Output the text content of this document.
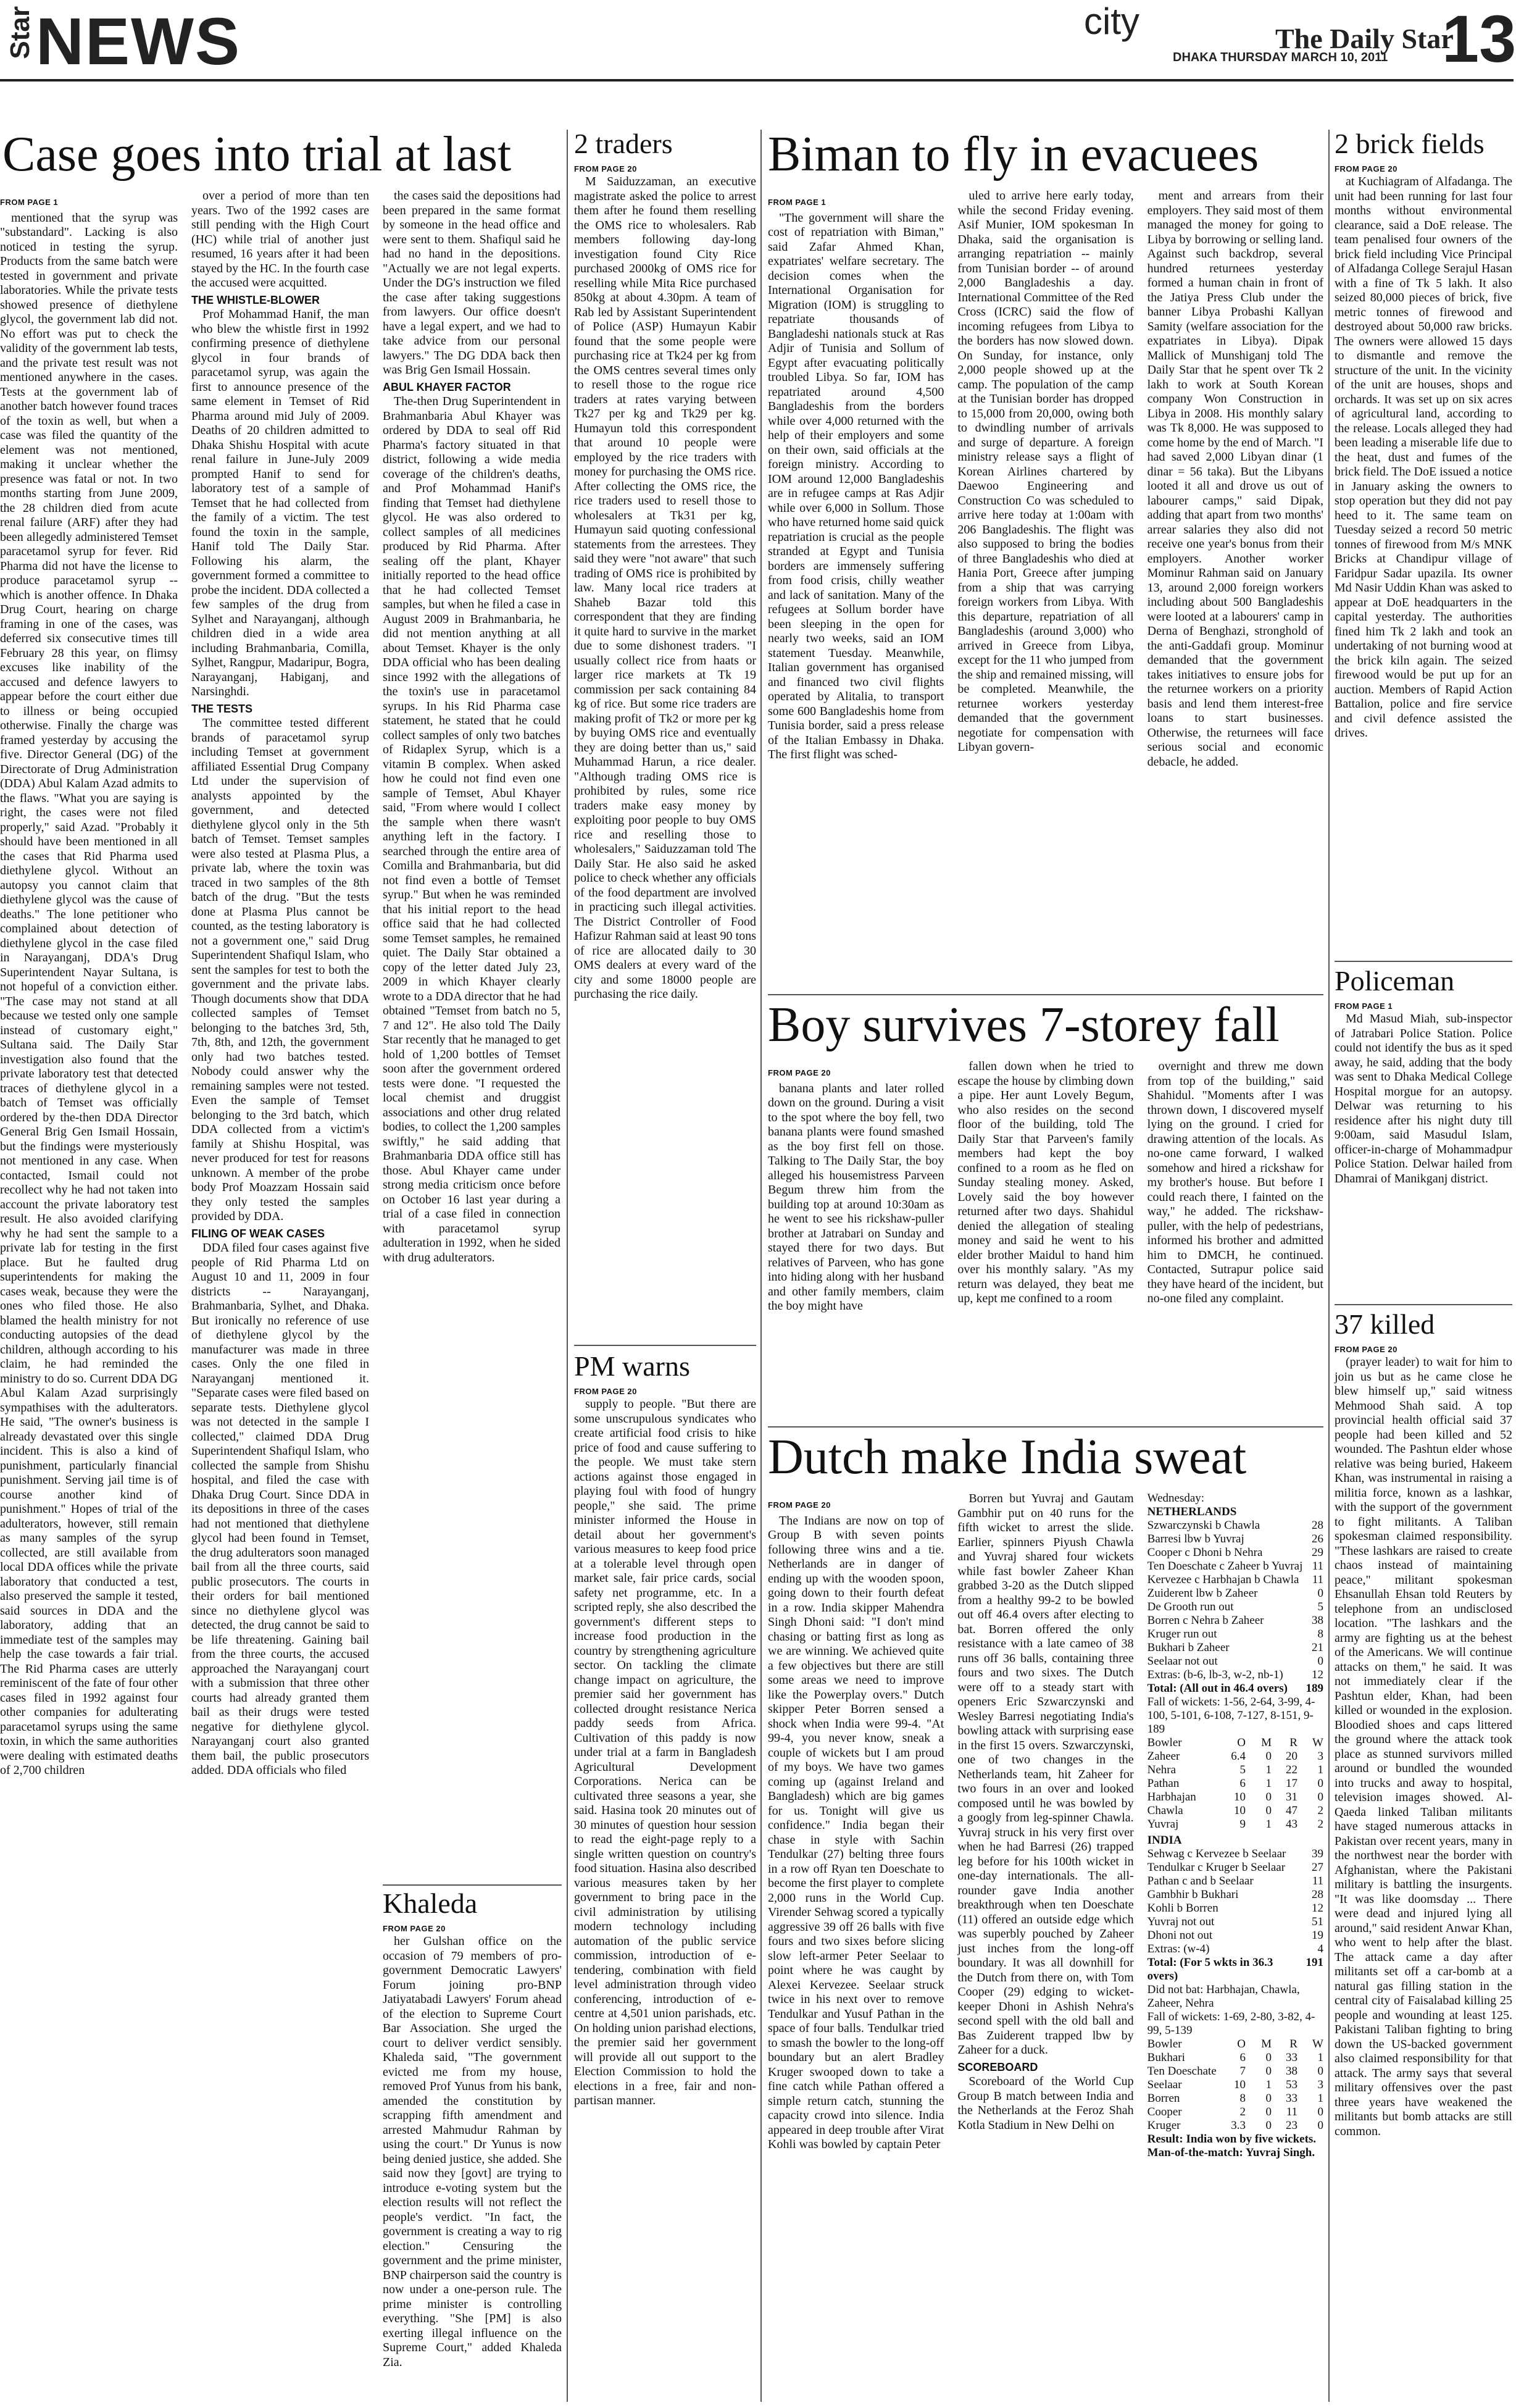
Star NEWS	city	The Daily Star
DHAKA THURSDAY MARCH 10, 2011 13
Case goes into trial at last
FROM PAGE 1

mentioned that the syrup was "substandard". Lacking is also noticed in testing the syrup. Products from the same batch were tested in government and private laboratories. While the private tests showed presence of diethylene glycol, the government lab did not. No effort was put to check the validity of the government lab tests, and the private test result was not mentioned anywhere in the cases. Tests at the government lab of another batch however found traces of the toxin as well, but when a case was filed the quantity of the element was not mentioned, making it unclear whether the presence was fatal or not. In two months starting from June 2009, the 28 children died from acute renal failure (ARF) after they had been allegedly administered Temset paracetamol syrup for fever. Rid Pharma did not have the license to produce paracetamol syrup -- which is another offence. In Dhaka Drug Court, hearing on charge framing in one of the cases, was deferred six consecutive times till February 28 this year, on flimsy excuses like inability of the accused and defence lawyers to appear before the court either due to illness or being occupied otherwise. Finally the charge was framed yesterday by accusing the five. Director General (DG) of the Directorate of Drug Administration (DDA) Abul Kalam Azad admits to the flaws. "What you are saying is right, the cases were not filed properly," said Azad. "Probably it should have been mentioned in all the cases that Rid Pharma used diethylene glycol. Without an autopsy you cannot claim that diethylene glycol was the cause of deaths." The lone petitioner who complained about detection of diethylene glycol in the case filed in Narayanganj, DDA's Drug Superintendent Nayar Sultana, is not hopeful of a conviction either. "The case may not stand at all because we tested only one sample instead of customary eight," Sultana said. The Daily Star investigation also found that the private laboratory test that detected traces of diethylene glycol in a batch of Temset was officially ordered by the-then DDA Director General Brig Gen Ismail Hossain, but the findings were mysteriously not mentioned in any case. When contacted, Ismail could not recollect why he had not taken into account the private laboratory test result. He also avoided clarifying why he had sent the sample to a private lab for testing in the first place. But he faulted drug superintendents for making the cases weak, because they were the ones who filed those. He also blamed the health ministry for not conducting autopsies of the dead children, although according to his claim, he had reminded the ministry to do so. Current DDA DG Abul Kalam Azad surprisingly sympathises with the adulterators. He said, "The owner's business is already devastated over this single incident. This is also a kind of punishment, particularly financial punishment. Serving jail time is of course another kind of punishment." Hopes of trial of the adulterators, however, still remain as many samples of the syrup collected, are still available from local DDA offices while the private laboratory that conducted a test, also preserved the sample it tested, said sources in DDA and the laboratory, adding that an immediate test of the samples may help the case towards a fair trial. The Rid Pharma cases are utterly reminiscent of the fate of four other cases filed in 1992 against four other companies for adulterating paracetamol syrups using the same toxin, in which the same authorities were dealing with estimated deaths of 2,700 children

over a period of more than ten years. Two of the 1992 cases are still pending with the High Court (HC) while trial of another just resumed, 16 years after it had been stayed by the HC. In the fourth case the accused were acquitted.

THE WHISTLE-BLOWER

Prof Mohammad Hanif, the man who blew the whistle first in 1992 confirming presence of diethylene glycol in four brands of paracetamol syrup, was again the first to announce presence of the same element in Temset of Rid Pharma around mid July of 2009. Deaths of 20 children admitted to Dhaka Shishu Hospital with acute renal failure in June-July 2009 prompted Hanif to send for laboratory test of a sample of Temset that he had collected from the family of a victim. The test found the toxin in the sample, Hanif told The Daily Star. Following his alarm, the government formed a committee to probe the incident. DDA collected a few samples of the drug from Sylhet and Narayanganj, although children died in a wide area including Brahmanbaria, Comilla, Sylhet, Rangpur, Madaripur, Bogra, Narayanganj, Habiganj, and Narsinghdi.

THE TESTS

The committee tested different brands of paracetamol syrup including Temset at government affiliated Essential Drug Company Ltd under the supervision of analysts appointed by the government, and detected diethylene glycol only in the 5th batch of Temset. Temset samples were also tested at Plasma Plus, a private lab, where the toxin was traced in two samples of the 8th batch of the drug. "But the tests done at Plasma Plus cannot be counted, as the testing laboratory is not a government one," said Drug Superintendent Shafiqul Islam, who sent the samples for test to both the government and the private labs. Though documents show that DDA collected samples of Temset belonging to the batches 3rd, 5th, 7th, 8th, and 12th, the government only had two batches tested. Nobody could answer why the remaining samples were not tested. Even the sample of Temset belonging to the 3rd batch, which DDA collected from a victim's family at Shishu Hospital, was never produced for test for reasons unknown. A member of the probe body Prof Moazzam Hossain said they only tested the samples provided by DDA.

FILING OF WEAK CASES

DDA filed four cases against five people of Rid Pharma Ltd on August 10 and 11, 2009 in four districts -- Narayanganj, Brahmanbaria, Sylhet, and Dhaka. But ironically no reference of use of diethylene glycol by the manufacturer was made in three cases. Only the one filed in Narayanganj mentioned it. "Separate cases were filed based on separate tests. Diethylene glycol was not detected in the sample I collected," claimed DDA Drug Superintendent Shafiqul Islam, who collected the sample from Shishu hospital, and filed the case with Dhaka Drug Court. Since DDA in its depositions in three of the cases had not mentioned that diethylene glycol had been found in Temset, the drug adulterators soon managed bail from all the three courts, said public prosecutors. The courts in their orders for bail mentioned since no diethylene glycol was detected, the drug cannot be said to be life threatening. Gaining bail from the three courts, the accused approached the Narayanganj court with a submission that three other courts had already granted them bail as their drugs were tested negative for diethylene glycol. Narayanganj court also granted them bail, the public prosecutors added. DDA officials who filed

the cases said the depositions had been prepared in the same format by someone in the head office and were sent to them. Shafiqul said he had no hand in the depositions. "Actually we are not legal experts. Under the DG's instruction we filed the case after taking suggestions from lawyers. Our office doesn't have a legal expert, and we had to take advice from our personal lawyers." The DG DDA back then was Brig Gen Ismail Hossain.

ABUL KHAYER FACTOR

The-then Drug Superintendent in Brahmanbaria Abul Khayer was ordered by DDA to seal off Rid Pharma's factory situated in that district, following a wide media coverage of the children's deaths, and Prof Mohammad Hanif's finding that Temset had diethylene glycol. He was also ordered to collect samples of all medicines produced by Rid Pharma. After sealing off the plant, Khayer initially reported to the head office that he had collected Temset samples, but when he filed a case in August 2009 in Brahmanbaria, he did not mention anything at all about Temset. Khayer is the only DDA official who has been dealing since 1992 with the allegations of the toxin's use in paracetamol syrups. In his Rid Pharma case statement, he stated that he could collect samples of only two batches of Ridaplex Syrup, which is a vitamin B complex. When asked how he could not find even one sample of Temset, Abul Khayer said, "From where would I collect the sample when there wasn't anything left in the factory. I searched through the entire area of Comilla and Brahmanbaria, but did not find even a bottle of Temset syrup." But when he was reminded that his initial report to the head office said that he had collected some Temset samples, he remained quiet. The Daily Star obtained a copy of the letter dated July 23, 2009 in which Khayer clearly wrote to a DDA director that he had obtained "Temset from batch no 5, 7 and 12". He also told The Daily Star recently that he managed to get hold of 1,200 bottles of Temset soon after the government ordered tests were done. "I requested the local chemist and druggist associations and other drug related bodies, to collect the 1,200 samples swiftly," he said adding that Brahmanbaria DDA office still has those. Abul Khayer came under strong media criticism once before on October 16 last year during a trial of a case filed in connection with paracetamol syrup adulteration in 1992, when he sided with drug adulterators.

2 traders
FROM PAGE 20

M Saiduzzaman, an executive magistrate asked the police to arrest them after he found them reselling the OMS rice to wholesalers. Rab members following day-long investigation found City Rice purchased 2000kg of OMS rice for reselling while Mita Rice purchased 850kg at about 4.30pm. A team of Rab led by Assistant Superintendent of Police (ASP) Humayun Kabir found that the some people were purchasing rice at Tk24 per kg from the OMS centres several times only to resell those to the rogue rice traders at rates varying between Tk27 per kg and Tk29 per kg. Humayun told this correspondent that around 10 people were employed by the rice traders with money for purchasing the OMS rice. After collecting the OMS rice, the rice traders used to resell those to wholesalers at Tk31 per kg, Humayun said quoting confessional statements from the arrestees. They said they were "not aware" that such trading of OMS rice is prohibited by law. Many local rice traders at Shaheb Bazar told this correspondent that they are finding it quite hard to survive in the market due to some dishonest traders. "I usually collect rice from haats or larger rice markets at Tk 19 commission per sack containing 84 kg of rice. But some rice traders are making profit of Tk2 or more per kg by buying OMS rice and eventually they are doing better than us," said Muhammad Harun, a rice dealer. "Although trading OMS rice is prohibited by rules, some rice traders make easy money by exploiting poor people to buy OMS rice and reselling those to wholesalers," Saiduzzaman told The Daily Star. He also said he asked police to check whether any officials of the food department are involved in practicing such illegal activities. The District Controller of Food Hafizur Rahman said at least 90 tons of rice are allocated daily to 30 OMS dealers at every ward of the city and some 18000 people are purchasing the rice daily.

PM warns
FROM PAGE 20

supply to people. "But there are some unscrupulous syndicates who create artificial food crisis to hike price of food and cause suffering to the people. We must take stern actions against those engaged in playing foul with food of hungry people," she said. The prime minister informed the House in detail about her government's various measures to keep food price at a tolerable level through open market sale, fair price cards, social safety net programme, etc. In a scripted reply, she also described the government's different steps to increase food production in the country by strengthening agriculture sector. On tackling the climate change impact on agriculture, the premier said her government has collected drought resistance Nerica paddy seeds from Africa. Cultivation of this paddy is now under trial at a farm in Bangladesh Agricultural Development Corporations. Nerica can be cultivated three seasons a year, she said. Hasina took 20 minutes out of 30 minutes of question hour session to read the eight-page reply to a single written question on country's food situation. Hasina also described various measures taken by her government to bring pace in the civil administration by utilising modern technology including automation of the public service commission, introduction of e-tendering, combination with field level administration through video conferencing, introduction of e-centre at 4,501 union parishads, etc. On holding union parishad elections, the premier said her government will provide all out support to the Election Commission to hold the elections in a free, fair and non-partisan manner.

Biman to fly in evacuees
FROM PAGE 1

"The government will share the cost of repatriation with Biman," said Zafar Ahmed Khan, expatriates' welfare secretary. The decision comes when the International Organisation for Migration (IOM) is struggling to repatriate thousands of Bangladeshi nationals stuck at Ras Adjir of Tunisia and Sollum of Egypt after evacuating politically troubled Libya. So far, IOM has repatriated around 4,500 Bangladeshis from the borders while over 4,000 returned with the help of their employers and some on their own, said officials at the foreign ministry. According to IOM around 12,000 Bangladeshis are in refugee camps at Ras Adjir while over 6,000 in Sollum. Those who have returned home said quick repatriation is crucial as the people stranded at Egypt and Tunisia borders are immensely suffering from food crisis, chilly weather and lack of sanitation. Many of the refugees at Sollum border have been sleeping in the open for nearly two weeks, said an IOM statement Tuesday. Meanwhile, Italian government has organised and financed two civil flights operated by Alitalia, to transport some 600 Bangladeshis home from Tunisia border, said a press release of the Italian Embassy in Dhaka. The first flight was sched-

uled to arrive here early today, while the second Friday evening. Asif Munier, IOM spokesman In Dhaka, said the organisation is arranging repatriation -- mainly from Tunisian border -- of around 2,000 Bangladeshis a day. International Committee of the Red Cross (ICRC) said the flow of incoming refugees from Libya to the borders has now slowed down. On Sunday, for instance, only 2,000 people showed up at the camp. The population of the camp at the Tunisian border has dropped to 15,000 from 20,000, owing both to dwindling number of arrivals and surge of departure. A foreign ministry release says a flight of Korean Airlines chartered by Daewoo Engineering and Construction Co was scheduled to arrive here today at 1:00am with 206 Bangladeshis. The flight was also supposed to bring the bodies of three Bangladeshis who died at Hania Port, Greece after jumping from a ship that was carrying foreign workers from Libya. With this departure, repatriation of all Bangladeshis (around 3,000) who arrived in Greece from Libya, except for the 11 who jumped from the ship and remained missing, will be completed. Meanwhile, the returnee workers yesterday demanded that the government negotiate for compensation with Libyan govern-

ment and arrears from their employers. They said most of them managed the money for going to Libya by borrowing or selling land. Against such backdrop, several hundred returnees yesterday formed a human chain in front of the Jatiya Press Club under the banner Libya Probashi Kallyan Samity (welfare association for the expatriates in Libya). Dipak Mallick of Munshiganj told The Daily Star that he spent over Tk 2 lakh to work at South Korean company Won Construction in Libya in 2008. His monthly salary was Tk 8,000. He was supposed to come home by the end of March. "I had saved 2,000 Libyan dinar (1 dinar = 56 taka). But the Libyans looted it all and drove us out of labourer camps," said Dipak, adding that apart from two months' arrear salaries they also did not receive one year's bonus from their employers. Another worker Mominur Rahman said on January 13, around 2,000 foreign workers including about 500 Bangladeshis were looted at a labourers' camp in Derna of Benghazi, stronghold of the anti-Gaddafi group. Mominur demanded that the government takes initiatives to ensure jobs for the returnee workers on a priority basis and lend them interest-free loans to start businesses. Otherwise, the returnees will face serious social and economic debacle, he added.

Boy survives 7-storey fall
FROM PAGE 20

banana plants and later rolled down on the ground. During a visit to the spot where the boy fell, two banana plants were found smashed as the boy first fell on those. Talking to The Daily Star, the boy alleged his housemistress Parveen Begum threw him from the building top at around 10:30am as he went to see his rickshaw-puller brother at Jatrabari on Sunday and stayed there for two days. But relatives of Parveen, who has gone into hiding along with her husband and other family members, claim the boy might have

fallen down when he tried to escape the house by climbing down a pipe. Her aunt Lovely Begum, who also resides on the second floor of the building, told The Daily Star that Parveen's family members had kept the boy confined to a room as he fled on Sunday stealing money. Asked, Lovely said the boy however returned after two days. Shahidul denied the allegation of stealing money and said he went to his elder brother Maidul to hand him over his monthly salary. "As my return was delayed, they beat me up, kept me confined to a room

overnight and threw me down from top of the building," said Shahidul. "Moments after I was thrown down, I discovered myself lying on the ground. I cried for drawing attention of the locals. As no-one came forward, I walked somehow and hired a rickshaw for my brother's house. But before I could reach there, I fainted on the way," he added. The rickshaw-puller, with the help of pedestrians, informed his brother and admitted him to DMCH, he continued. Contacted, Sutrapur police said they have heard of the incident, but no-one filed any complaint.

Dutch make India sweat
FROM PAGE 20

The Indians are now on top of Group B with seven points following three wins and a tie. Netherlands are in danger of ending up with the wooden spoon, going down to their fourth defeat in a row. India skipper Mahendra Singh Dhoni said: "I don't mind chasing or batting first as long as we are winning. We achieved quite a few objectives but there are still some areas we need to improve like the Powerplay overs." Dutch skipper Peter Borren sensed a shock when India were 99-4. "At 99-4, you never know, sneak a couple of wickets but I am proud of my boys. We have two games coming up (against Ireland and Bangladesh) which are big games for us. Tonight will give us confidence." India began their chase in style with Sachin Tendulkar (27) belting three fours in a row off Ryan ten Doeschate to become the first player to complete 2,000 runs in the World Cup. Virender Sehwag scored a typically aggressive 39 off 26 balls with five fours and two sixes before slicing slow left-armer Peter Seelaar to point where he was caught by Alexei Kervezee. Seelaar struck twice in his next over to remove Tendulkar and Yusuf Pathan in the space of four balls. Tendulkar tried to smash the bowler to the long-off boundary but an alert Bradley Kruger swooped down to take a fine catch while Pathan offered a simple return catch, stunning the capacity crowd into silence. India appeared in deep trouble after Virat Kohli was bowled by captain Peter

Borren but Yuvraj and Gautam Gambhir put on 40 runs for the fifth wicket to arrest the slide. Earlier, spinners Piyush Chawla and Yuvraj shared four wickets while fast bowler Zaheer Khan grabbed 3-20 as the Dutch slipped from a healthy 99-2 to be bowled out off 46.4 overs after electing to bat. Borren offered the only resistance with a late cameo of 38 runs off 36 balls, containing three fours and two sixes. The Dutch were off to a steady start with openers Eric Szwarczynski and Wesley Barresi negotiating India's bowling attack with surprising ease in the first 15 overs. Szwarczynski, one of two changes in the Netherlands team, hit Zaheer for two fours in an over and looked composed until he was bowled by a googly from leg-spinner Chawla. Yuvraj struck in his very first over when he had Barresi (26) trapped leg before for his 100th wicket in one-day internationals. The all-rounder gave India another breakthrough when ten Doeschate (11) offered an outside edge which was superbly pouched by Zaheer just inches from the long-off boundary. It was all downhill for the Dutch from there on, with Tom Cooper (29) edging to wicket-keeper Dhoni in Ashish Nehra's second spell with the old ball and Bas Zuiderent trapped lbw by Zaheer for a duck.

SCOREBOARD

Scoreboard of the World Cup Group B match between India and the Netherlands at the Feroz Shah Kotla Stadium in New Delhi on

Wednesday:
NETHERLANDS
Szwarczynski b Chawla	28
Barresi lbw b Yuvraj	26
Cooper c Dhoni b Nehra	29
Ten Doeschate c Zaheer b Yuvraj 11
Kervezee c Harbhajan b Chawla 11
Zuiderent lbw b Zaheer	0
De Grooth run out	5
Borren c Nehra b Zaheer	38
Kruger run out	8
Bukhari b Zaheer	21
Seelaar not out	0
Extras: (b-6, lb-3, w-2, nb-1) 12
Total: (All out in 46.4 overs) 189
Fall of wickets: 1-56, 2-64, 3-99, 4-100, 5-101, 6-108, 7-127, 8-151, 9-189
Bowler	O	M	R	W
Zaheer	6.4	0	20	3
Nehra	5	1	22	1
Pathan	6	1	17	0
Harbhajan	10	0	31	0
Chawla	10	0	47	2
Yuvraj	9	1	43	2
INDIA
Sehwag c Kervezee b Seelaar 39
Tendulkar c Kruger b Seelaar 27
Pathan c and b Seelaar	11
Gambhir b Bukhari	28
Kohli b Borren	12
Yuvraj not out	51
Dhoni not out	19
Extras: (w-4)	4
Total: (For 5 wkts in 36.3 overs)
191
Did not bat: Harbhajan, Chawla, Zaheer, Nehra
Fall of wickets: 1-69, 2-80, 3-82, 4-99, 5-139
Bowler	O	M	R	W
Bukhari	6	0	33	1
Ten Doeschate	7	0	38	0
Seelaar	10	1	53	3
Borren	8	0	33	1
Cooper	2	0	11	0
Kruger	3.3	0	23	0
Result: India won by five wickets.
Man-of-the-match: Yuvraj Singh.
2 brick fields
FROM PAGE 20

at Kuchiagram of Alfadanga. The unit had been running for last four months without environmental clearance, said a DoE release. The team penalised four owners of the brick field including Vice Principal of Alfadanga College Serajul Hasan with a fine of Tk 5 lakh. It also seized 80,000 pieces of brick, five metric tonnes of firewood and destroyed about 50,000 raw bricks. The owners were allowed 15 days to dismantle and remove the structure of the unit. In the vicinity of the unit are houses, shops and orchards. It was set up on six acres of agricultural land, according to the release. Locals alleged they had been leading a miserable life due to the heat, dust and fumes of the brick field. The DoE issued a notice in January asking the owners to stop operation but they did not pay heed to it. The same team on Tuesday seized a record 50 metric tonnes of firewood from M/s MNK Bricks at Chandipur village of Faridpur Sadar upazila. Its owner Md Nasir Uddin Khan was asked to appear at DoE headquarters in the capital yesterday. The authorities fined him Tk 2 lakh and took an undertaking of not burning wood at the brick kiln again. The seized firewood would be put up for an auction. Members of Rapid Action Battalion, police and fire service and civil defence assisted the drives.

Policeman
FROM PAGE 1

Md Masud Miah, sub-inspector of Jatrabari Police Station. Police could not identify the bus as it sped away, he said, adding that the body was sent to Dhaka Medical College Hospital morgue for an autopsy. Delwar was returning to his residence after his night duty till 9:00am, said Masudul Islam, officer-in-charge of Mohammadpur Police Station. Delwar hailed from Dhamrai of Manikganj district.

37 killed
FROM PAGE 20

(prayer leader) to wait for him to join us but as he came close he blew himself up," said witness Mehmood Shah said. A top provincial health official said 37 people had been killed and 52 wounded. The Pashtun elder whose relative was being buried, Hakeem Khan, was instrumental in raising a militia force, known as a lashkar, with the support of the government to fight militants. A Taliban spokesman claimed responsibility. "These lashkars are raised to create chaos instead of maintaining peace," militant spokesman Ehsanullah Ehsan told Reuters by telephone from an undisclosed location. "The lashkars and the army are fighting us at the behest of the Americans. We will continue attacks on them," he said. It was not immediately clear if the Pashtun elder, Khan, had been killed or wounded in the explosion. Bloodied shoes and caps littered the ground where the attack took place as stunned survivors milled around or bundled the wounded into trucks and away to hospital, television images showed. Al-Qaeda linked Taliban militants have staged numerous attacks in Pakistan over recent years, many in the northwest near the border with Afghanistan, where the Pakistani military is battling the insurgents. "It was like doomsday ... There were dead and injured lying all around," said resident Anwar Khan, who went to help after the blast. The attack came a day after militants set off a car-bomb at a natural gas filling station in the central city of Faisalabad killing 25 people and wounding at least 125. Pakistani Taliban fighting to bring down the US-backed government also claimed responsibility for that attack. The army says that several military offensives over the past three years have weakened the militants but bomb attacks are still common.

Khaleda
FROM PAGE 20

her Gulshan office on the occasion of 79 members of pro-government Democratic Lawyers' Forum joining pro-BNP Jatiyatabadi Lawyers' Forum ahead of the election to Supreme Court Bar Association. She urged the court to deliver verdict sensibly. Khaleda said, "The government evicted me from my house, removed Prof Yunus from his bank, amended the constitution by scrapping fifth amendment and arrested Mahmudur Rahman by using the court." Dr Yunus is now being denied justice, she added. She said now they [govt] are trying to introduce e-voting system but the election results will not reflect the people's verdict. "In fact, the government is creating a way to rig election." Censuring the government and the prime minister, BNP chairperson said the country is now under a one-person rule. The prime minister is controlling everything. "She [PM] is also exerting illegal influence on the Supreme Court," added Khaleda Zia.
